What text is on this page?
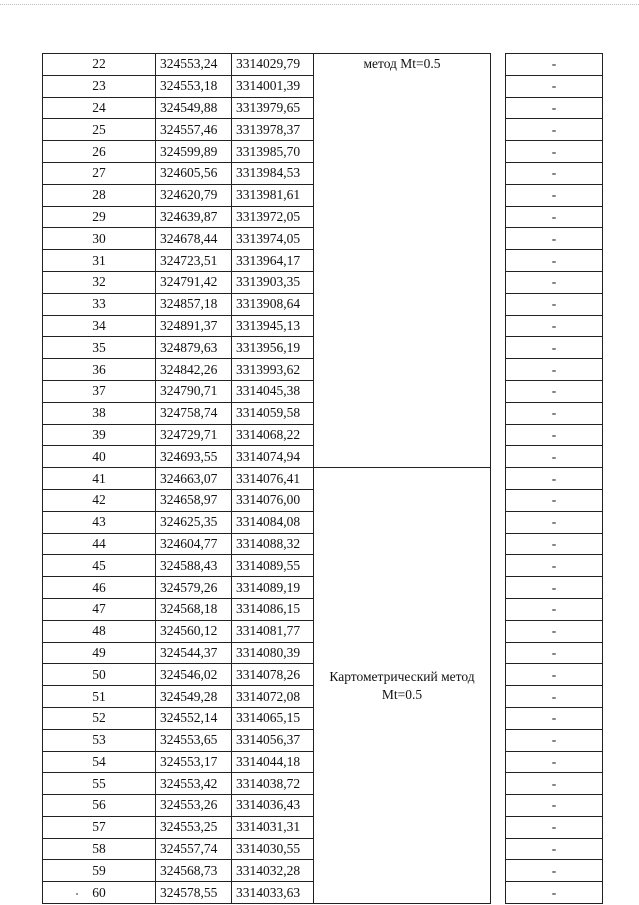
22	324553,24	3314029,79	метод Mt=0.5		-
23	324553,18	3314001,39			-
24	324549,88	3313979,65			-
25	324557,46	3313978,37			-
26	324599,89	3313985,70			-
27	324605,56	3313984,53			-
28	324620,79	3313981,61			-
29	324639,87	3313972,05			-
30	324678,44	3313974,05			-
31	324723,51	3313964,17			-
32	324791,42	3313903,35			-
33	324857,18	3313908,64			-
34	324891,37	3313945,13			-
35	324879,63	3313956,19			-
36	324842,26	3313993,62			-
37	324790,71	3314045,38			-
38	324758,74	3314059,58			-
39	324729,71	3314068,22			-
40	324693,55	3314074,94			-
41	324663,07	3314076,41	Картометрический метод Mt=0.5		-
42	324658,97	3314076,00			-
43	324625,35	3314084,08			-
44	324604,77	3314088,32			-
45	324588,43	3314089,55			-
46	324579,26	3314089,19			-
47	324568,18	3314086,15			-
48	324560,12	3314081,77			-
49	324544,37	3314080,39			-
50	324546,02	3314078,26			-
51	324549,28	3314072,08			-
52	324552,14	3314065,15			-
53	324553,65	3314056,37			-
54	324553,17	3314044,18			-
55	324553,42	3314038,72			-
56	324553,26	3314036,43			-
57	324553,25	3314031,31			-
58	324557,74	3314030,55			-
59	324568,73	3314032,28			-
60	324578,55	3314033,63			-
